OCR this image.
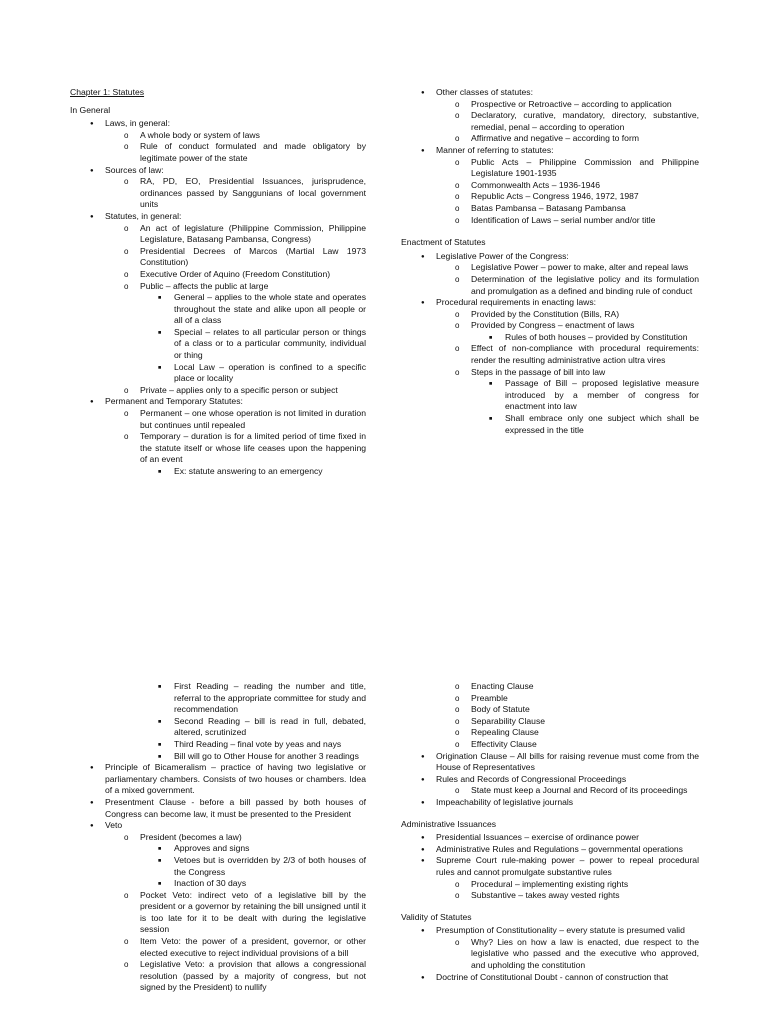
Chapter 1: Statutes
In General
●
Laws, in general:
o
A whole body or system of laws
o
Rule of conduct formulated and made obligatory by legitimate power of the state
●
Sources of law:
o
RA, PD, EO, Presidential Issuances, jurisprudence, ordinances passed by Sanggunians of local government units
●
Statutes, in general:
o
An act of legislature (Philippine Commission, Philippine Legislature, Batasang Pambansa, Congress)
o
Presidential Decrees of Marcos (Martial Law 1973 Constitution)
o
Executive Order of Aquino (Freedom Constitution)
o
Public – affects the public at large
■
General – applies to the whole state and operates throughout the state and alike upon all people or all of a class
■
Special – relates to all particular person or things of a class or to a particular community, individual or thing
■
Local Law – operation is confined to a specific place or locality
o
Private – applies only to a specific person or subject
●
Permanent and Temporary Statutes:
o
Permanent – one whose operation is not limited in duration but continues until repealed
o
Temporary – duration is for a limited period of time fixed in the statute itself or whose life ceases upon the happening of an event
■
Ex: statute answering to an emergency
●
Other classes of statutes:
o
Prospective or Retroactive – according to application
o
Declaratory, curative, mandatory, directory, substantive, remedial, penal – according to operation
o
Affirmative and negative – according to form
●
Manner of referring to statutes:
o
Public Acts – Philippine Commission and Philippine Legislature 1901-1935
o
Commonwealth Acts – 1936-1946
o
Republic Acts – Congress 1946, 1972, 1987
o
Batas Pambansa – Batasang Pambansa
o
Identification of Laws – serial number and/or title
Enactment of Statutes
●
Legislative Power of the Congress:
o
Legislative Power – power to make, alter and repeal laws
o
Determination of the legislative policy and its formulation and promulgation as a defined and binding rule of conduct
●
Procedural requirements in enacting laws:
o
Provided by the Constitution (Bills, RA)
o
Provided by Congress – enactment of laws
■
Rules of both houses – provided by Constitution
o
Effect of non-compliance with procedural requirements: render the resulting administrative action ultra vires
o
Steps in the passage of bill into law
■
Passage of Bill – proposed legislative measure introduced by a member of congress for enactment into law
■
Shall embrace only one subject which shall be expressed in the title
■
First Reading – reading the number and title, referral to the appropriate committee for study and recommendation
■
Second Reading – bill is read in full, debated, altered, scrutinized
■
Third Reading – final vote by yeas and nays
■
Bill will go to Other House for another 3 readings
●
Principle of Bicameralism – practice of having two legislative or parliamentary chambers. Consists of two houses or chambers. Idea of a mixed government.
●
Presentment Clause - before a bill passed by both houses of Congress can become law, it must be presented to the President
●
Veto
o
President (becomes a law)
■
Approves and signs
■
Vetoes but is overridden by 2/3 of both houses of the Congress
■
Inaction of 30 days
o
Pocket Veto: indirect veto of a legislative bill by the president or a governor by retaining the bill unsigned until it is too late for it to be dealt with during the legislative session
o
Item Veto: the power of a president, governor, or other elected executive to reject individual provisions of a bill
o
Legislative Veto: a provision that allows a congressional resolution (passed by a majority of congress, but not signed by the President) to nullify
o
Enacting Clause
o
Preamble
o
Body of Statute
o
Separability Clause
o
Repealing Clause
o
Effectivity Clause
●
Origination Clause – All bills for raising revenue must come from the House of Representatives
●
Rules and Records of Congressional Proceedings
o
State must keep a Journal and Record of its proceedings
●
Impeachability of legislative journals
Administrative Issuances
●
Presidential Issuances – exercise of ordinance power
●
Administrative Rules and Regulations – governmental operations
●
Supreme Court rule-making power – power to repeal procedural rules and cannot promulgate substantive rules
o
Procedural – implementing existing rights
o
Substantive – takes away vested rights
Validity of Statutes
●
Presumption of Constitutionality – every statute is presumed valid
o
Why? Lies on how a law is enacted, due respect to the legislative who passed and the executive who approved, and upholding the constitution
●
Doctrine of Constitutional Doubt - cannon of construction that
